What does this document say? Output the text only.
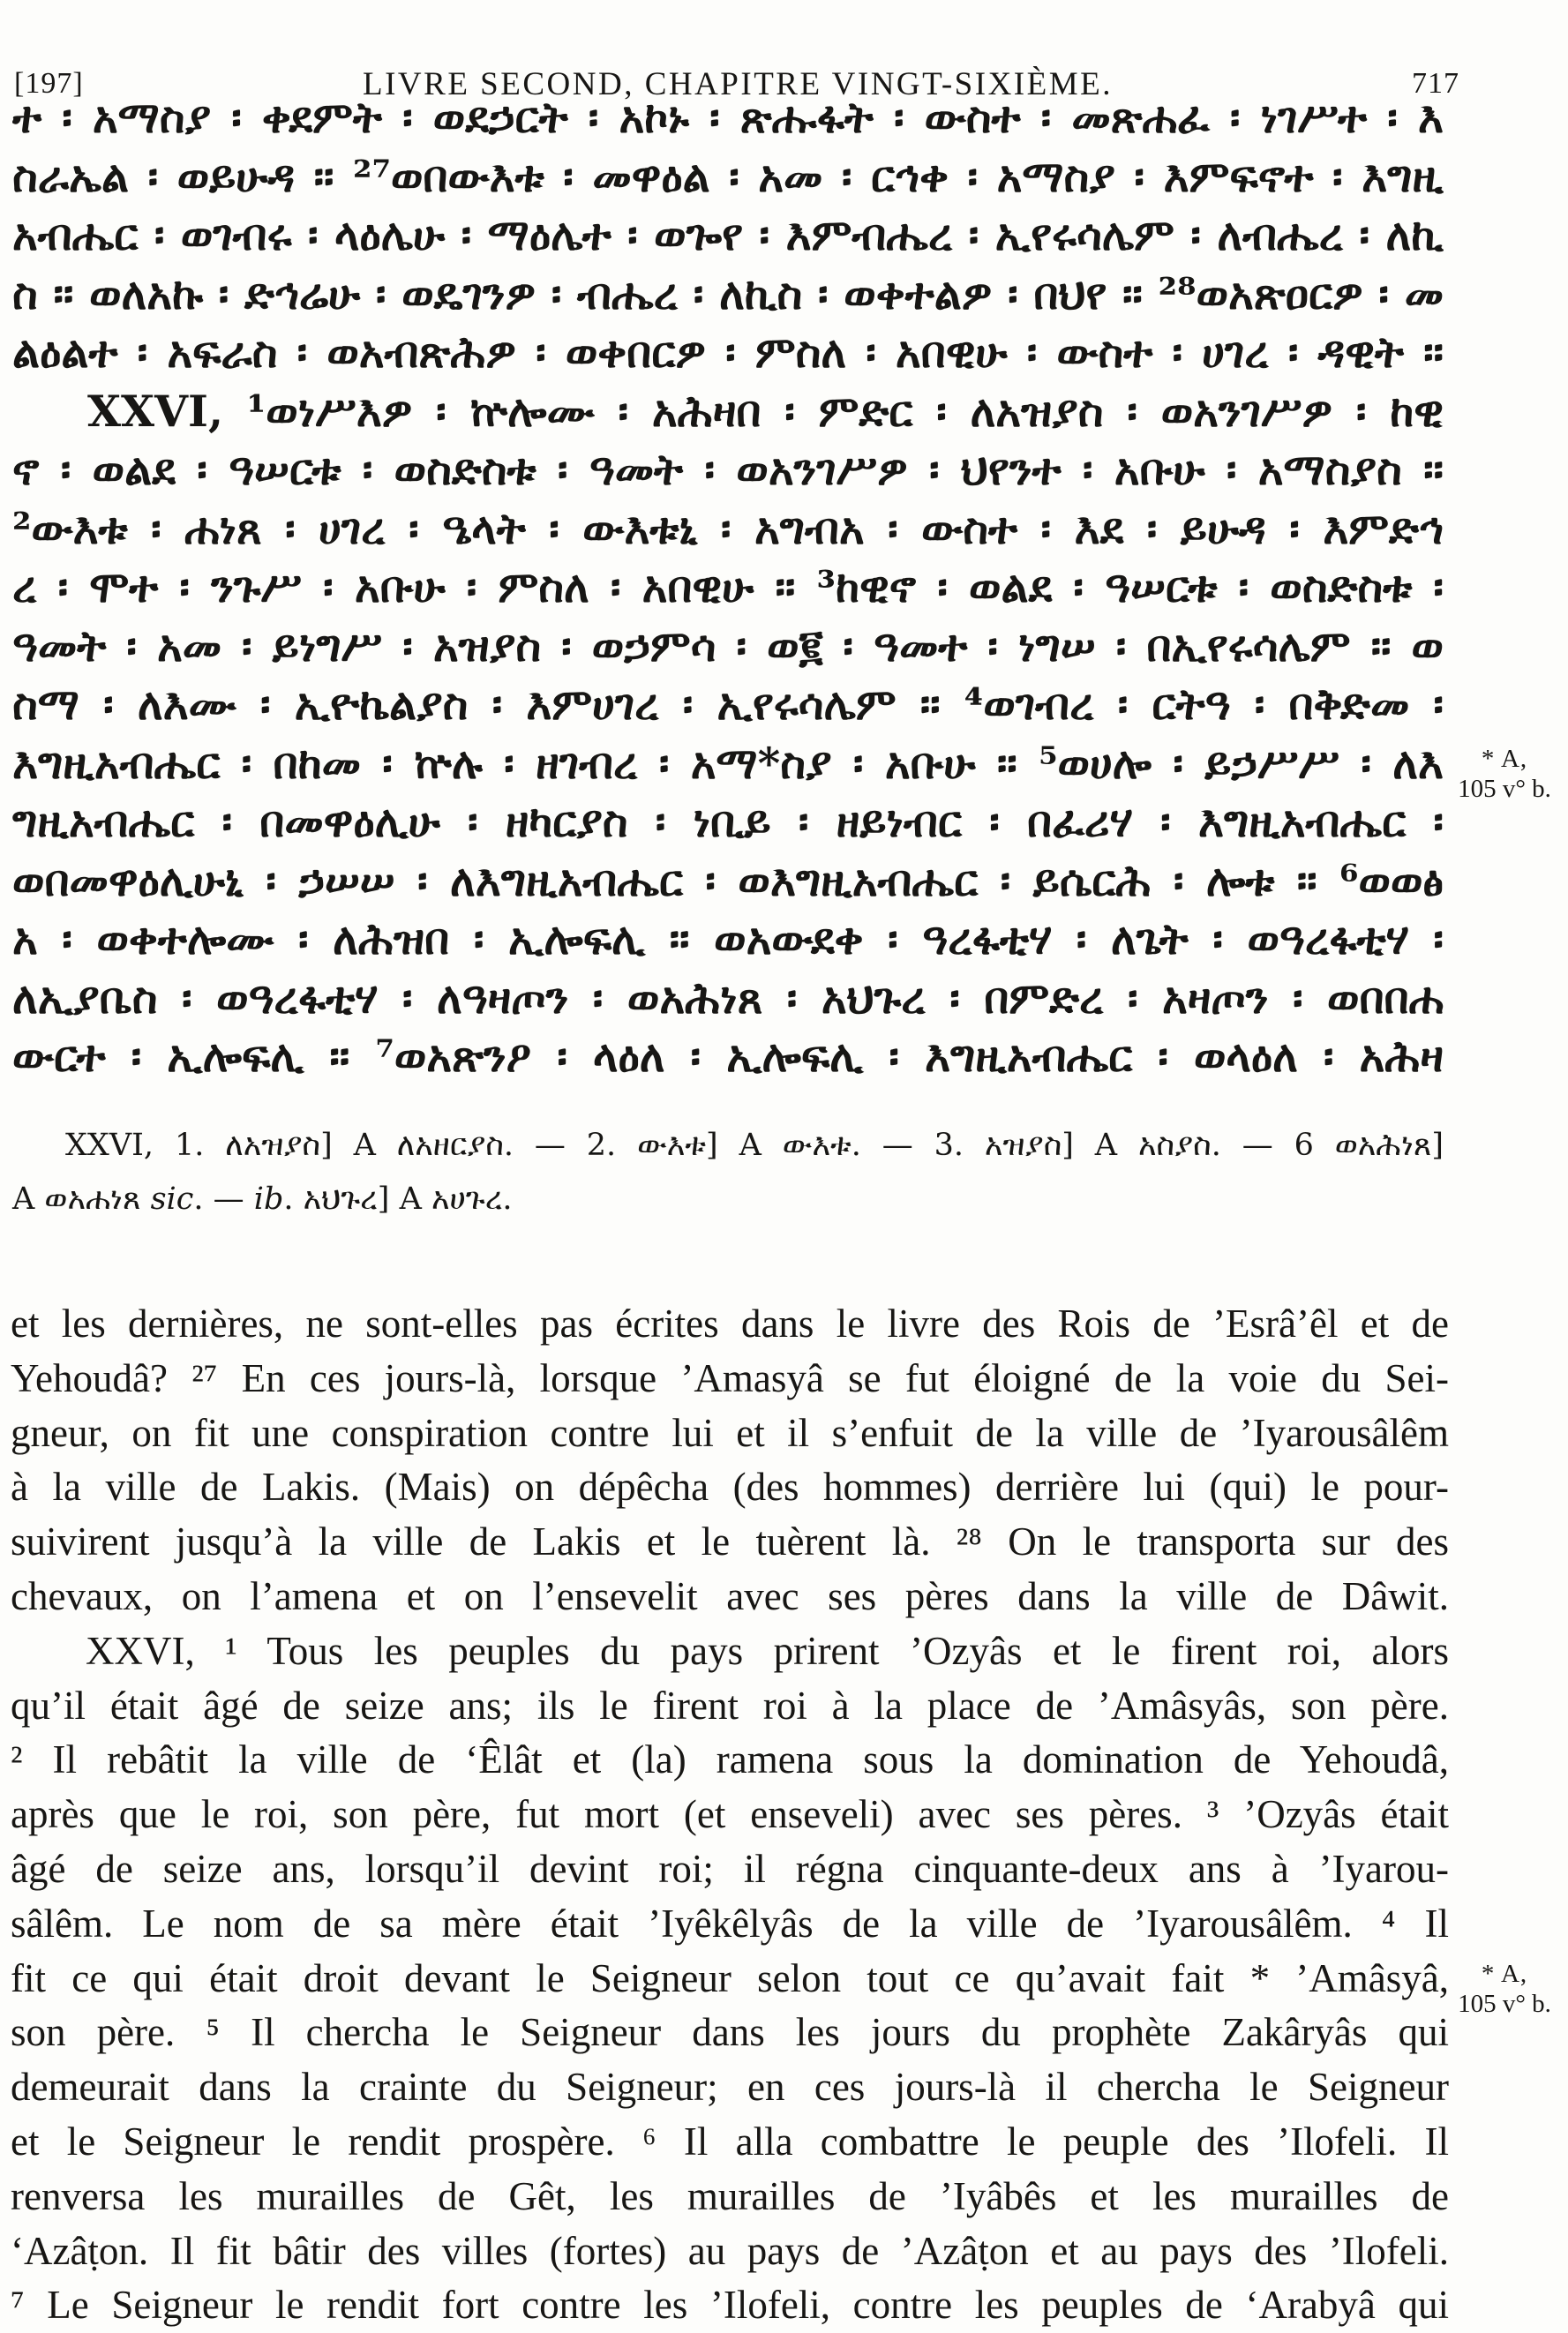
[197]	LIVRE SECOND, CHAPITRE VINGT-SIXIÈME.	717
ተ ፡ አማስያ ፡ ቀደምት ፡ ወደኃርት ፡ አኮኑ ፡ ጽሑፋት ፡ ውስተ ፡ መጽሐፈ ፡ ነገሥተ ፡ እ
ስራኤል ፡ ወይሁዳ ። ²⁷ወበውእቱ ፡ መዋዕል ፡ አመ ፡ ርኅቀ ፡ አማስያ ፡ እምፍኖተ ፡ እግዚ
አብሔር ፡ ወገብሩ ፡ ላዕሌሁ ፡ ማዕሌተ ፡ ወጐየ ፡ እምብሔረ ፡ ኢየሩሳሌም ፡ ለብሔረ ፡ ለኪ
ስ ። ወለአኩ ፡ ድኅሬሁ ፡ ወዴገንዎ ፡ ብሔረ ፡ ለኪስ ፡ ወቀተልዎ ፡ በህየ ። ²⁸ወአጽዐርዎ ፡ መ
ልዕልተ ፡ አፍራስ ፡ ወአብጽሕዎ ፡ ወቀበርዎ ፡ ምስለ ፡ አበዊሁ ፡ ውስተ ፡ ሀገረ ፡ ዳዊት ።
XXVI, ¹ወነሥእዎ ፡ ኵሎሙ ፡ አሕዛበ ፡ ምድር ፡ ለአዝያስ ፡ ወአንገሥዎ ፡ ከዊ
ኖ ፡ ወልደ ፡ ዓሠርቱ ፡ ወስድስቱ ፡ ዓመት ፡ ወአንገሥዎ ፡ ህየንተ ፡ አቡሁ ፡ አማስያስ ።
²ውእቱ ፡ ሐነጸ ፡ ሀገረ ፡ ዔላት ፡ ውእቱኒ ፡ አግብአ ፡ ውስተ ፡ እደ ፡ ይሁዳ ፡ እምድኅ
ረ ፡ ሞተ ፡ ንጉሥ ፡ አቡሁ ፡ ምስለ ፡ አበዊሁ ። ³ከዊኖ ፡ ወልደ ፡ ዓሠርቱ ፡ ወስድስቱ ፡
ዓመት ፡ አመ ፡ ይነግሥ ፡ አዝያስ ፡ ወኃምሳ ፡ ወ፪ ፡ ዓመተ ፡ ነግሠ ፡ በኢየሩሳሌም ። ወ
ስማ ፡ ለእሙ ፡ ኢዮኬልያስ ፡ እምሀገረ ፡ ኢየሩሳሌም ። ⁴ወገብረ ፡ ርትዓ ፡ በቅድመ ፡
እግዚአብሔር ፡ በከመ ፡ ኵሉ ፡ ዘገብረ ፡ አማ*ስያ ፡ አቡሁ ። ⁵ወሀሎ ፡ ይኃሥሥ ፡ ለእ
ግዚአብሔር ፡ በመዋዕሊሁ ፡ ዘካርያስ ፡ ነቢይ ፡ ዘይነብር ፡ በፈሪሃ ፡ እግዚአብሔር ፡
ወበመዋዕሊሁኒ ፡ ኃሠሠ ፡ ለእግዚአብሔር ፡ ወእግዚአብሔር ፡ ይሴርሕ ፡ ሎቱ ። ⁶ወወፅ
አ ፡ ወቀተሎሙ ፡ ለሕዝበ ፡ ኢሎፍሊ ። ወአውደቀ ፡ ዓረፋቲሃ ፡ ለጌት ፡ ወዓረፋቲሃ ፡
ለኢያቤስ ፡ ወዓረፋቲሃ ፡ ለዓዛጦን ፡ ወአሕነጸ ፡ አህጉረ ፡ በምድረ ፡ አዛጦን ፡ ወበበሐ
ውርተ ፡ ኢሎፍሊ ። ⁷ወአጽንዖ ፡ ላዕለ ፡ ኢሎፍሊ ፡ እግዚአብሔር ፡ ወላዕለ ፡ አሕዛ
XXVI, 1. ለአዝያስ] A ለአዘርያስ. — 2. ውእቱ] A ውእቱ. — 3. አዝያስ] A አስያስ. — 6 ወአሕነጸ]
A ወአሐነጸ sic. — ib. አህጉረ] A አሀጉረ.
et les dernières, ne sont-elles pas écrites dans le livre des Rois de ’Esrâ’êl et de
Yehoudâ? ²⁷ En ces jours-là, lorsque ’Amasyâ se fut éloigné de la voie du Sei-
gneur, on fit une conspiration contre lui et il s’enfuit de la ville de ’Iyarousâlêm
à la ville de Lakis. (Mais) on dépêcha (des hommes) derrière lui (qui) le pour-
suivirent jusqu’à la ville de Lakis et le tuèrent là. ²⁸ On le transporta sur des
chevaux, on l’amena et on l’ensevelit avec ses pères dans la ville de Dâwit.
XXVI, ¹ Tous les peuples du pays prirent ’Ozyâs et le firent roi, alors
qu’il était âgé de seize ans; ils le firent roi à la place de ’Amâsyâs, son père.
² Il rebâtit la ville de ‘Êlât et (la) ramena sous la domination de Yehoudâ,
après que le roi, son père, fut mort (et enseveli) avec ses pères. ³ ’Ozyâs était
âgé de seize ans, lorsqu’il devint roi; il régna cinquante-deux ans à ’Iyarou-
sâlêm. Le nom de sa mère était ’Iyêkêlyâs de la ville de ’Iyarousâlêm. ⁴ Il
fit ce qui était droit devant le Seigneur selon tout ce qu’avait fait * ’Amâsyâ,
son père. ⁵ Il chercha le Seigneur dans les jours du prophète Zakâryâs qui
demeurait dans la crainte du Seigneur; en ces jours-là il chercha le Seigneur
et le Seigneur le rendit prospère. ⁶ Il alla combattre le peuple des ’Ilofeli. Il
renversa les murailles de Gêt, les murailles de ’Iyâbês et les murailles de
‘Azâṭon. Il fit bâtir des villes (fortes) au pays de ’Azâṭon et au pays des ’Ilofeli.
⁷ Le Seigneur le rendit fort contre les ’Ilofeli, contre les peuples de ‘Arabyâ qui
* A,
105 v° b.
* A,
105 v° b.
